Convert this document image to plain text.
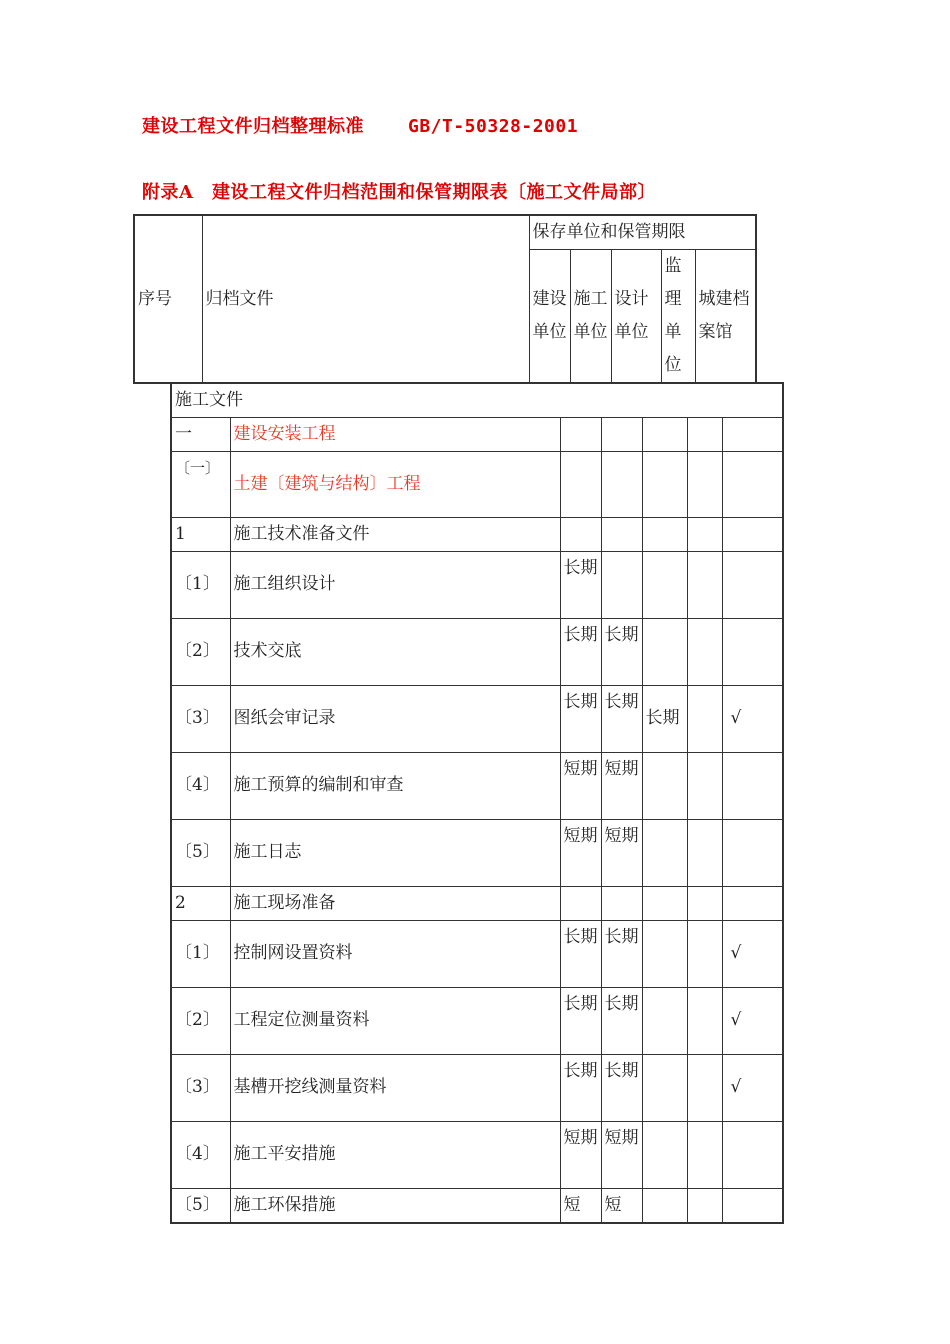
建设工程文件归档整理标准 GB/T-50328-2001
附录A　建设工程文件归档范围和保管期限表〔施工文件局部〕
序号	归档文件	保存单位和保管期限				
		建设单位	施工单位	设计单位	监理单位	城建档案馆
施工文件						
一	建设安装工程					
〔一〕	土建〔建筑与结构〕工程					
1	施工技术准备文件					
〔1〕	施工组织设计	长期				
〔2〕	技术交底	长期	长期			
〔3〕	图纸会审记录	长期	长期	长期		√
〔4〕	施工预算的编制和审查	短期	短期			
〔5〕	施工日志	短期	短期			
2	施工现场准备					
〔1〕	控制网设置资料	长期	长期			√
〔2〕	工程定位测量资料	长期	长期			√
〔3〕	基槽开挖线测量资料	长期	长期			√
〔4〕	施工平安措施	短期	短期			
〔5〕	施工环保措施	短	短			
